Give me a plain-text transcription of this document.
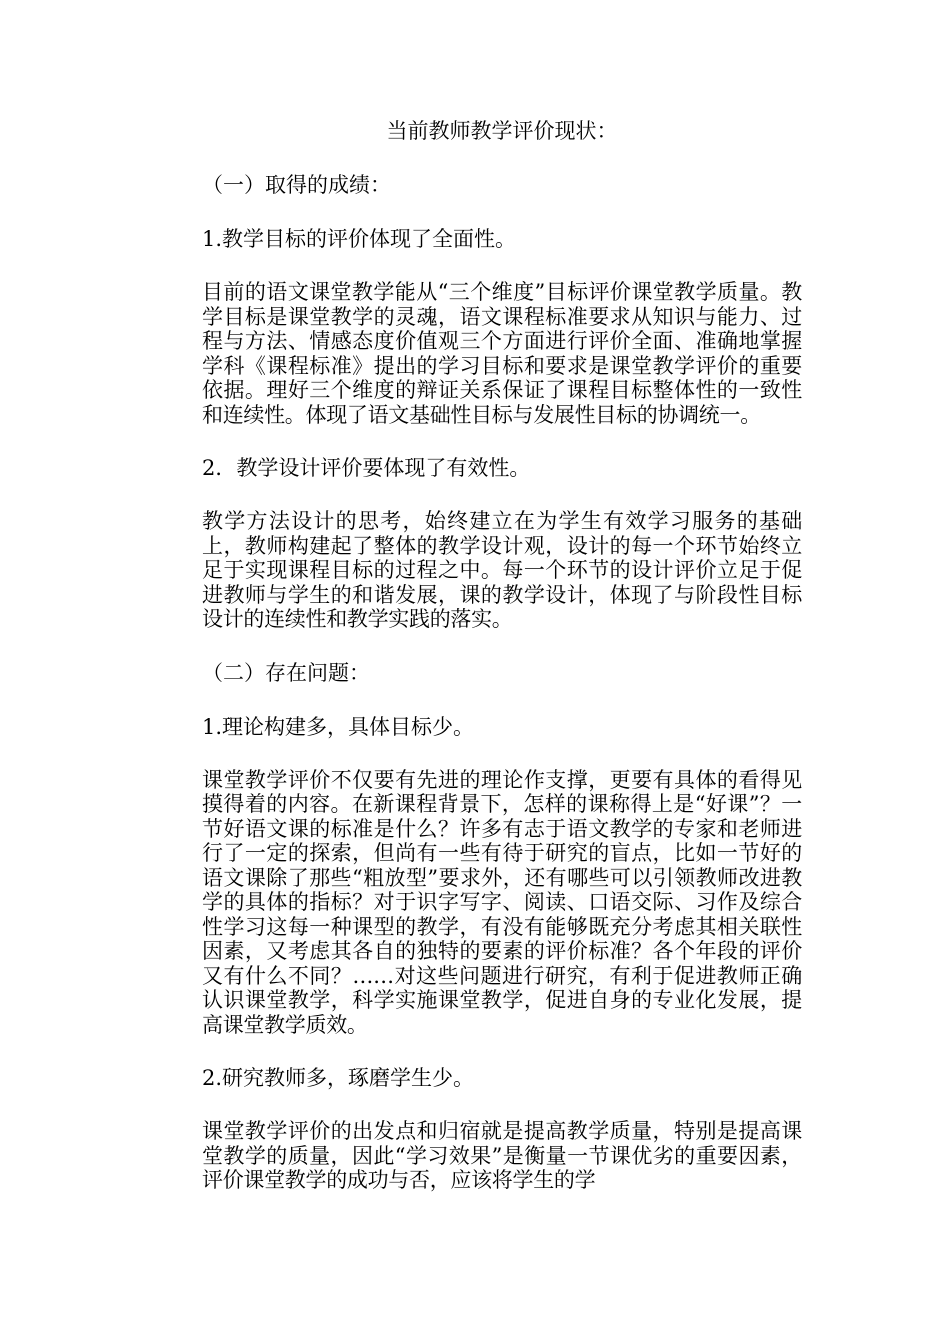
当前教师教学评价现状：
（一）取得的成绩：
1.教学目标的评价体现了全面性。
目前的语文课堂教学能从“三个维度”目标评价课堂教学质量。教学目标是课堂教学的灵魂，语文课程标准要求从知识与能力、过程与方法、情感态度价值观三个方面进行评价全面、准确地掌握学科《课程标准》提出的学习目标和要求是课堂教学评价的重要依据。理好三个维度的辩证关系保证了课程目标整体性的一致性和连续性。体现了语文基础性目标与发展性目标的协调统一。
2．教学设计评价要体现了有效性。
教学方法设计的思考，始终建立在为学生有效学习服务的基础上，教师构建起了整体的教学设计观，设计的每一个环节始终立足于实现课程目标的过程之中。每一个环节的设计评价立足于促进教师与学生的和谐发展，课的教学设计，体现了与阶段性目标设计的连续性和教学实践的落实。
（二）存在问题：
1.理论构建多，具体目标少。
课堂教学评价不仅要有先进的理论作支撑，更要有具体的看得见摸得着的内容。在新课程背景下，怎样的课称得上是“好课”？一节好语文课的标准是什么？许多有志于语文教学的专家和老师进行了一定的探索，但尚有一些有待于研究的盲点，比如一节好的语文课除了那些“粗放型”要求外，还有哪些可以引领教师改进教学的具体的指标？对于识字写字、阅读、口语交际、习作及综合性学习这每一种课型的教学，有没有能够既充分考虑其相关联性因素，又考虑其各自的独特的要素的评价标准？各个年段的评价又有什么不同？……对这些问题进行研究，有利于促进教师正确认识课堂教学，科学实施课堂教学，促进自身的专业化发展，提高课堂教学质效。
2.研究教师多，琢磨学生少。
课堂教学评价的出发点和归宿就是提高教学质量，特别是提高课堂教学的质量，因此“学习效果”是衡量一节课优劣的重要因素，评价课堂教学的成功与否，应该将学生的学
